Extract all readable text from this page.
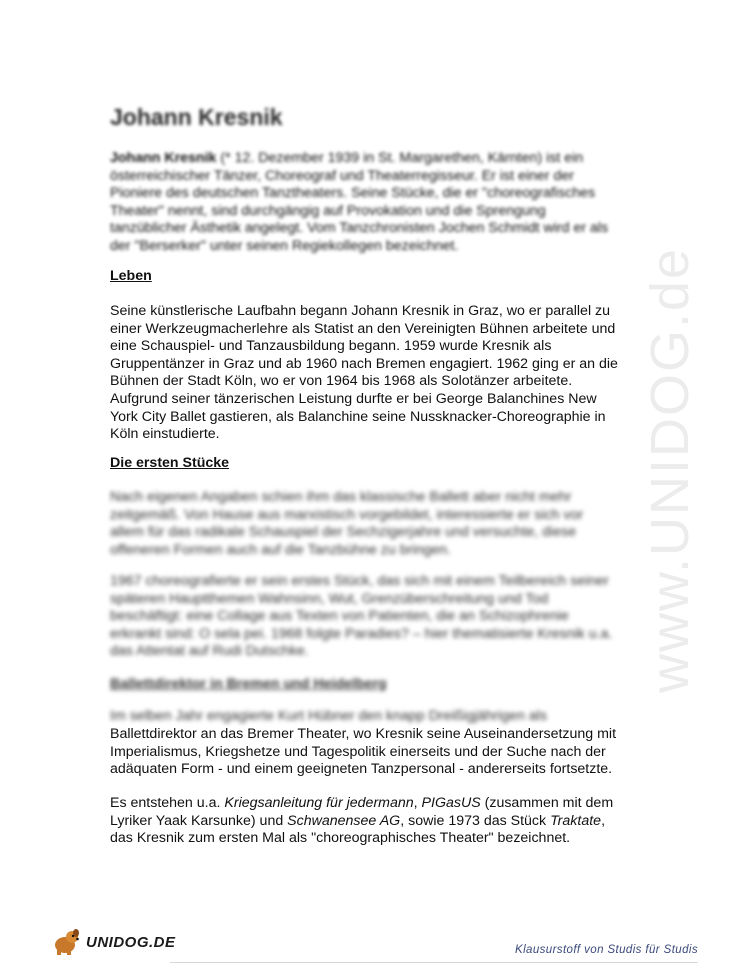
www.UNIDOG.de
Johann Kresnik
Johann Kresnik (* 12. Dezember 1939 in St. Margarethen, Kärnten) ist ein
österreichischer Tänzer, Choreograf und Theaterregisseur. Er ist einer der
Pioniere des deutschen Tanztheaters. Seine Stücke, die er "choreografisches
Theater" nennt, sind durchgängig auf Provokation und die Sprengung
tanzüblicher Ästhetik angelegt. Vom Tanzchronisten Jochen Schmidt wird er als
der "Berserker" unter seinen Regiekollegen bezeichnet.
Leben
Seine künstlerische Laufbahn begann Johann Kresnik in Graz, wo er parallel zu
einer Werkzeugmacherlehre als Statist an den Vereinigten Bühnen arbeitete und
eine Schauspiel- und Tanzausbildung begann. 1959 wurde Kresnik als
Gruppentänzer in Graz und ab 1960 nach Bremen engagiert. 1962 ging er an die
Bühnen der Stadt Köln, wo er von 1964 bis 1968 als Solotänzer arbeitete.
Aufgrund seiner tänzerischen Leistung durfte er bei George Balanchines New
York City Ballet gastieren, als Balanchine seine Nussknacker-Choreographie in
Köln einstudierte.
Die ersten Stücke
Nach eigenen Angaben schien ihm das klassische Ballett aber nicht mehr
zeitgemäß. Von Hause aus marxistisch vorgebildet, interessierte er sich vor
allem für das radikale Schauspiel der Sechzigerjahre und versuchte, diese
offeneren Formen auch auf die Tanzbühne zu bringen.
1967 choreografierte er sein erstes Stück, das sich mit einem Teilbereich seiner
späteren Hauptthemen Wahnsinn, Wut, Grenzüberschreitung und Tod
beschäftigt: eine Collage aus Texten von Patienten, die an Schizophrenie
erkrankt sind: O sela pei. 1968 folgte Paradies? – hier thematisierte Kresnik u.a.
das Attentat auf Rudi Dutschke.
Ballettdirektor in Bremen und Heidelberg
Im selben Jahr engagierte Kurt Hübner den knapp Dreißigjährigen als
Ballettdirektor an das Bremer Theater, wo Kresnik seine Auseinandersetzung mit
Imperialismus, Kriegshetze und Tagespolitik einerseits und der Suche nach der
adäquaten Form - und einem geeigneten Tanzpersonal - andererseits fortsetzte.
Es entstehen u.a. Kriegsanleitung für jedermann, PIGasUS (zusammen mit dem
Lyriker Yaak Karsunke) und Schwanensee AG, sowie 1973 das Stück Traktate,
das Kresnik zum ersten Mal als "choreographisches Theater" bezeichnet.
UNIDOG.DE	Klausurstoff von Studis für Studis
